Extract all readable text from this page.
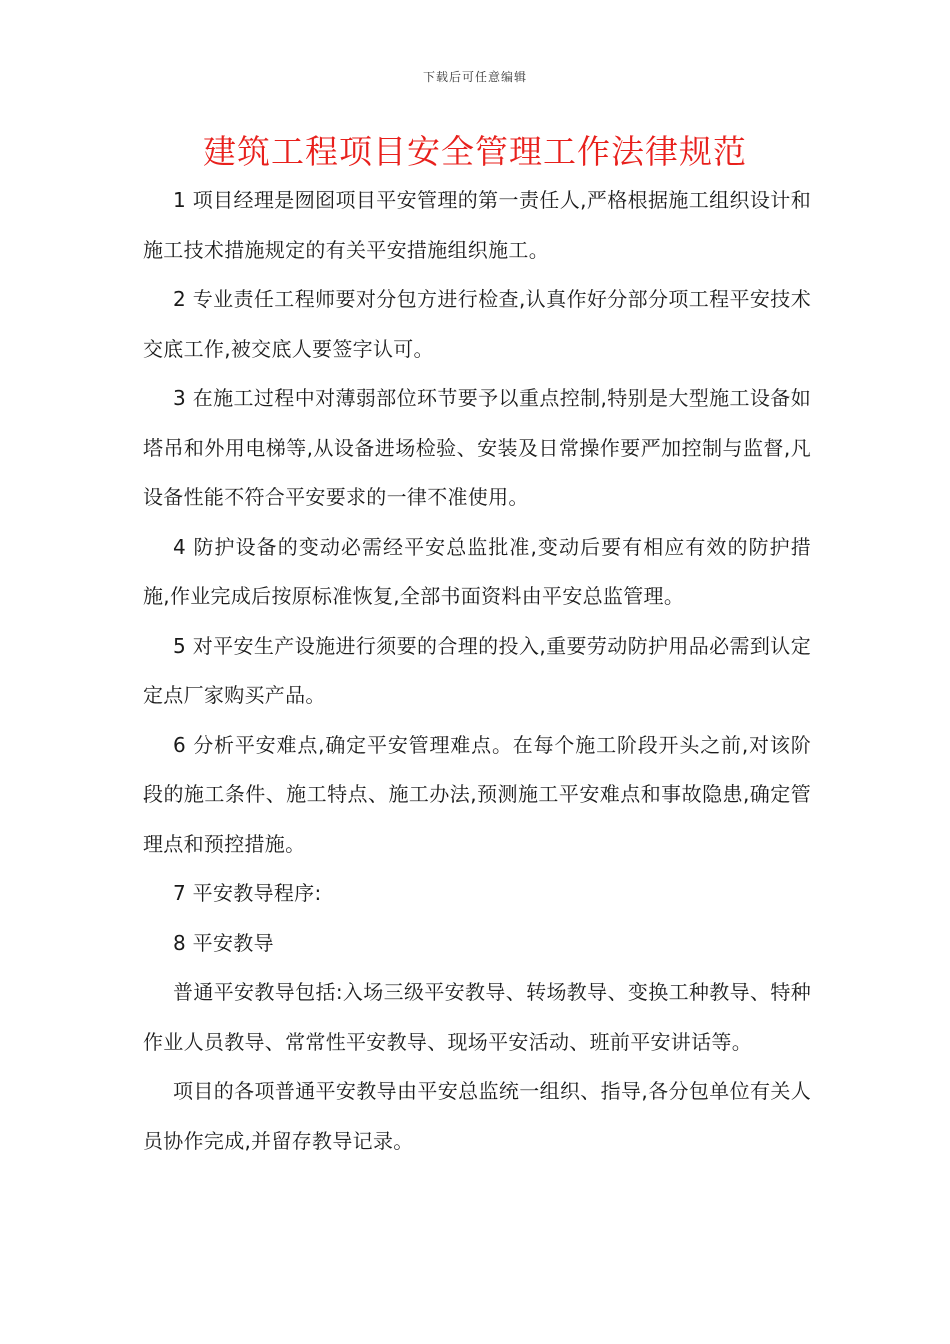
下载后可任意编辑
建筑工程项目安全管理工作法律规范

1 项目经理是囫囵项目平安管理的第一责任人,严格根据施工组织设计和施工技术措施规定的有关平安措施组织施工。

2 专业责任工程师要对分包方进行检查,认真作好分部分项工程平安技术交底工作,被交底人要签字认可。

3 在施工过程中对薄弱部位环节要予以重点控制,特别是大型施工设备如塔吊和外用电梯等,从设备进场检验、安装及日常操作要严加控制与监督,凡设备性能不符合平安要求的一律不准使用。

4 防护设备的变动必需经平安总监批准,变动后要有相应有效的防护措施,作业完成后按原标准恢复,全部书面资料由平安总监管理。

5 对平安生产设施进行须要的合理的投入,重要劳动防护用品必需到认定定点厂家购买产品。

6 分析平安难点,确定平安管理难点。在每个施工阶段开头之前,对该阶段的施工条件、施工特点、施工办法,预测施工平安难点和事故隐患,确定管理点和预控措施。

7 平安教导程序:

8 平安教导

普通平安教导包括:入场三级平安教导、转场教导、变换工种教导、特种作业人员教导、常常性平安教导、现场平安活动、班前平安讲话等。

项目的各项普通平安教导由平安总监统一组织、指导,各分包单位有关人员协作完成,并留存教导记录。
